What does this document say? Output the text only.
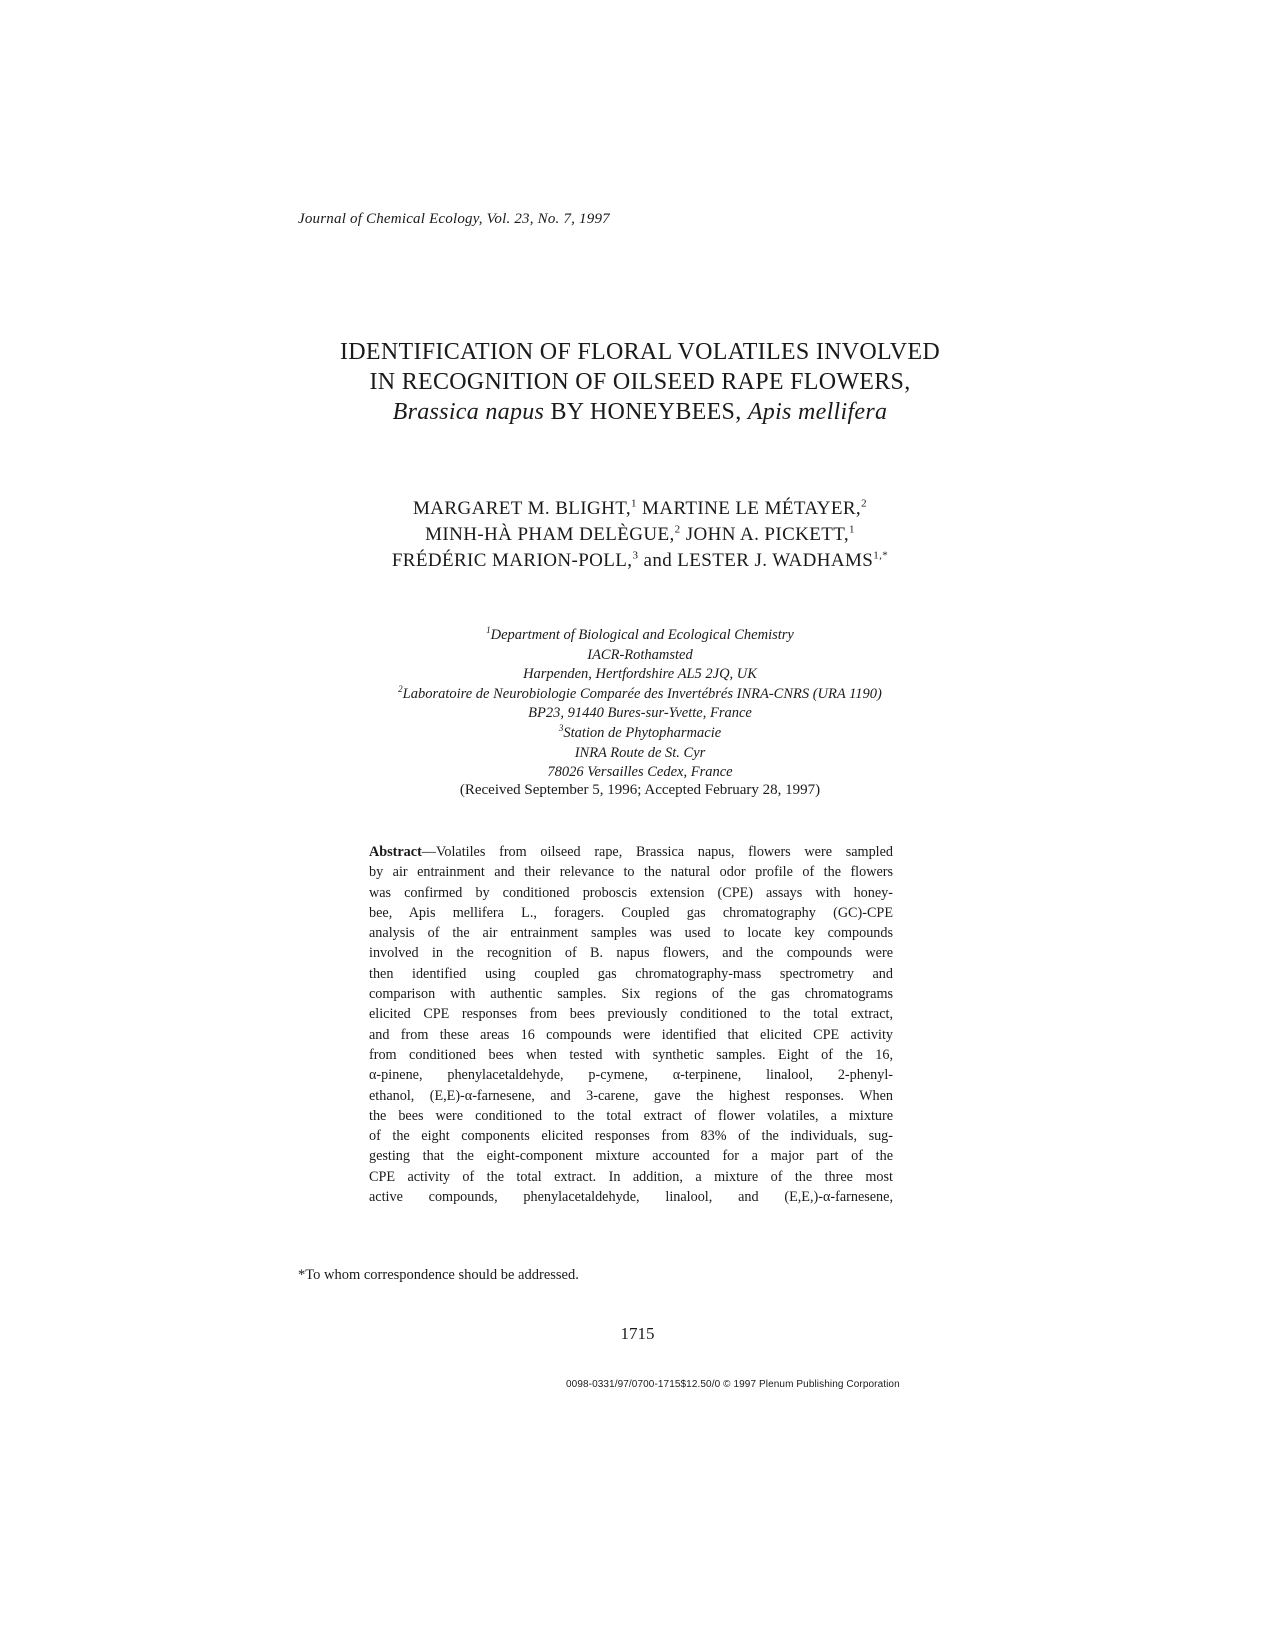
Journal of Chemical Ecology, Vol. 23, No. 7, 1997
IDENTIFICATION OF FLORAL VOLATILES INVOLVED
IN RECOGNITION OF OILSEED RAPE FLOWERS,
Brassica napus BY HONEYBEES, Apis mellifera
MARGARET M. BLIGHT,$^1$ MARTINE LE MÉTAYER,$^2$
MINH-HÀ PHAM DELÈGUE,$^2$ JOHN A. PICKETT,$^1$
FRÉDÉRIC MARION-POLL,$^3$ and LESTER J. $WADHAMS^{1,*}$
$^1$Department of Biological and Ecological Chemistry
IACR-Rothamsted
Harpenden, Hertfordshire AL5 2JQ, UK
$^2$Laboratoire de Neurobiologie Comparée des Invertébrés INRA-CNRS (URA 1190)
BP23, 91440 Bures-sur-Yvette, France
$^3$Station de Phytopharmacie
INRA Route de St. Cyr
78026 Versailles Cedex, France
(Received September 5, 1996; Accepted February 28, 1997)
Abstract—Volatiles from oilseed rape, Brassica napus, flowers were sampled
by air entrainment and their relevance to the natural odor profile of the flowers
was confirmed by conditioned proboscis extension (CPE) assays with honey-
bee, Apis mellifera L., foragers. Coupled gas chromatography (GC)-CPE
analysis of the air entrainment samples was used to locate key compounds
involved in the recognition of B. napus flowers, and the compounds were
then identified using coupled gas chromatography-mass spectrometry and
comparison with authentic samples. Six regions of the gas chromatograms
elicited CPE responses from bees previously conditioned to the total extract,
and from these areas 16 compounds were identified that elicited CPE activity
from conditioned bees when tested with synthetic samples. Eight of the 16,
α-pinene, phenylacetaldehyde, p-cymene, α-terpinene, linalool, 2-phenyl-
ethanol, (E,E)-α-farnesene, and 3-carene, gave the highest responses. When
the bees were conditioned to the total extract of flower volatiles, a mixture
of the eight components elicited responses from 83% of the individuals, sug-
gesting that the eight-component mixture accounted for a major part of the
CPE activity of the total extract. In addition, a mixture of the three most
active compounds, phenylacetaldehyde, linalool, and (E,E,)-α-farnesene,
*To whom correspondence should be addressed.
1715
0098-0331/97/0700-1715$12.50/0 © 1997 Plenum Publishing Corporation
